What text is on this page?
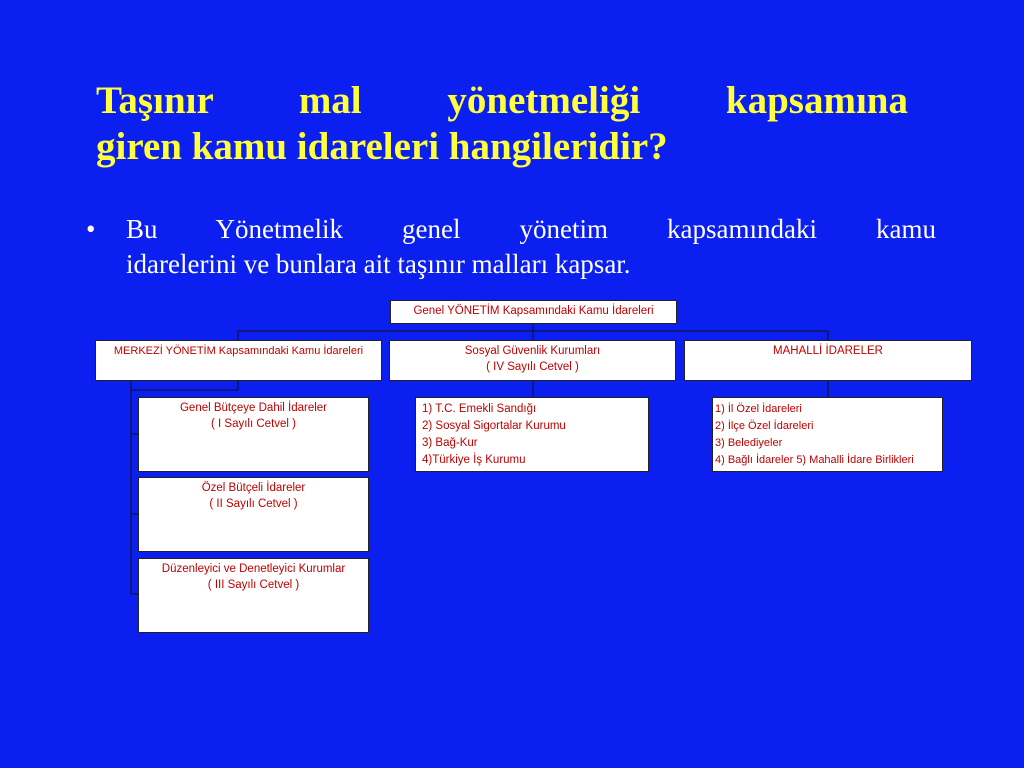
Taşınır mal yönetmeliği kapsamına
giren kamu idareleri hangileridir?
• Bu Yönetmelik genel yönetim kapsamındaki kamu
idarelerini ve bunlara ait taşınır malları kapsar.
Genel YÖNETİM Kapsamındaki Kamu İdareleri
MERKEZİ YÖNETİM Kapsamındaki Kamu İdareleri	Sosyal Güvenlik Kurumları
( IV Sayılı Cetvel )
MAHALLİ İDARELER
Genel Bütçeye Dahil İdareler
( I Sayılı Cetvel )
Özel Bütçeli İdareler
( II Sayılı Cetvel )
Düzenleyici ve Denetleyici Kurumlar
( III Sayılı Cetvel )
1) T.C. Emekli Sandığı
2) Sosyal Sigortalar Kurumu
3) Bağ-Kur
4)Türkiye İş Kurumu
1) İl Özel İdareleri
2) İlçe Özel İdareleri
3) Belediyeler
4) Bağlı İdareler 5) Mahalli İdare Birlikleri
